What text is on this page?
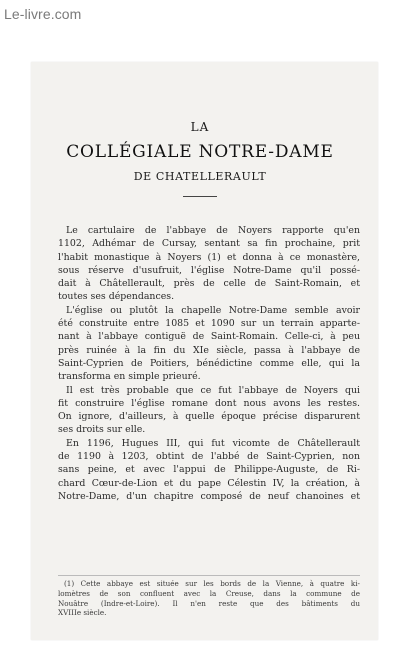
Le-livre.com
LA
COLLÉGIALE NOTRE-DAME
DE CHATELLERAULT
Le cartulaire de l'abbaye de Noyers rapporte qu'en
1102, Adhémar de Cursay, sentant sa fin prochaine, prit
l'habit monastique à Noyers (1) et donna à ce monastère,
sous réserve d'usufruit, l'église Notre-Dame qu'il possé-
dait à Châtellerault, près de celle de Saint-Romain, et
toutes ses dépendances.
L'église ou plutôt la chapelle Notre-Dame semble avoir
été construite entre 1085 et 1090 sur un terrain apparte-
nant à l'abbaye contiguë de Saint-Romain. Celle-ci, à peu
près ruinée à la fin du XIe siècle, passa à l'abbaye de
Saint-Cyprien de Poitiers, bénédictine comme elle, qui la
transforma en simple prieuré.
Il est très probable que ce fut l'abbaye de Noyers qui
fit construire l'église romane dont nous avons les restes.
On ignore, d'ailleurs, à quelle époque précise disparurent
ses droits sur elle.
En 1196, Hugues III, qui fut vicomte de Châtellerault
de 1190 à 1203, obtint de l'abbé de Saint-Cyprien, non
sans peine, et avec l'appui de Philippe-Auguste, de Ri-
chard Cœur-de-Lion et du pape Célestin IV, la création, à
Notre-Dame, d'un chapitre composé de neuf chanoines et
(1) Cette abbaye est située sur les bords de la Vienne, à quatre ki-
lomètres de son confluent avec la Creuse, dans la commune de
Nouâtre (Indre-et-Loire). Il n'en reste que des bâtiments du
XVIIIe siècle.
